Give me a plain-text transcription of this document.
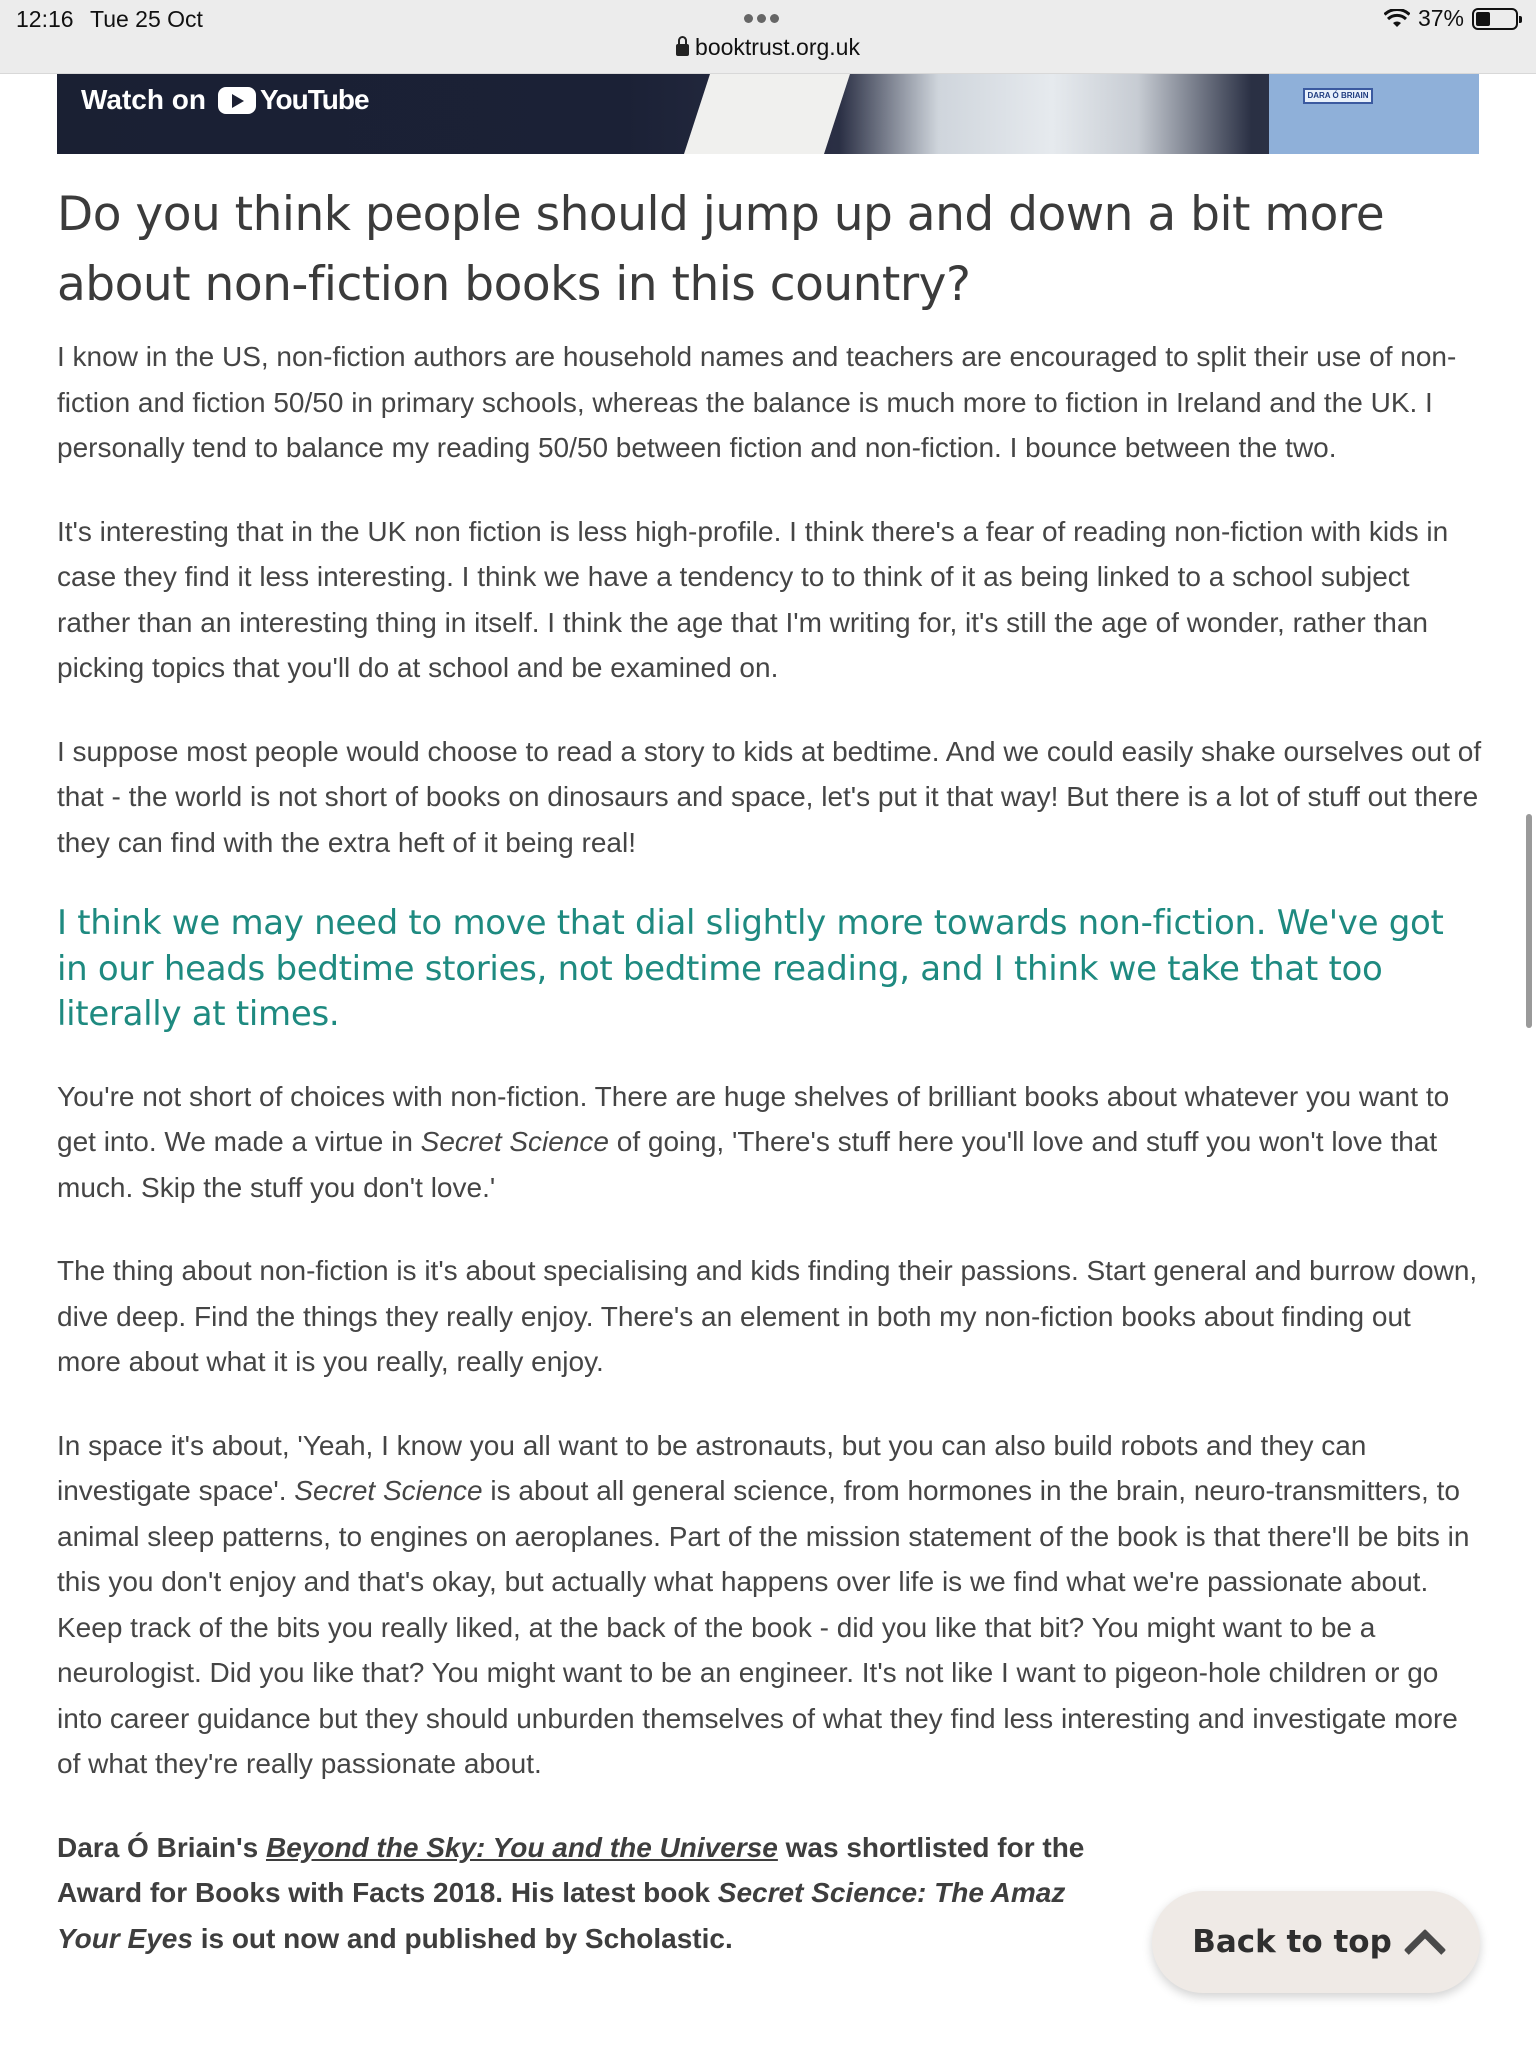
12:16 Tue 25 Oct	37%
booktrust.org.uk
DARA Ó BRIAIN
Watch on YouTube
Do you think people should jump up and down a bit more about non-fiction books in this country?

I know in the US, non-fiction authors are household names and teachers are encouraged to split their use of non-fiction and fiction 50/50 in primary schools, whereas the balance is much more to fiction in Ireland and the UK. I personally tend to balance my reading 50/50 between fiction and non-fiction. I bounce between the two.

It's interesting that in the UK non fiction is less high-profile. I think there's a fear of reading non-fiction with kids in case they find it less interesting. I think we have a tendency to to think of it as being linked to a school subject rather than an interesting thing in itself. I think the age that I'm writing for, it's still the age of wonder, rather than picking topics that you'll do at school and be examined on.

I suppose most people would choose to read a story to kids at bedtime. And we could easily shake ourselves out of that - the world is not short of books on dinosaurs and space, let's put it that way! But there is a lot of stuff out there they can find with the extra heft of it being real!

I think we may need to move that dial slightly more towards non-fiction. We've got in our heads bedtime stories, not bedtime reading, and I think we take that too literally at times.

You're not short of choices with non-fiction. There are huge shelves of brilliant books about whatever you want to get into. We made a virtue in Secret Science of going, 'There's stuff here you'll love and stuff you won't love that much. Skip the stuff you don't love.'

The thing about non-fiction is it's about specialising and kids finding their passions. Start general and burrow down, dive deep. Find the things they really enjoy. There's an element in both my non-fiction books about finding out more about what it is you really, really enjoy.

In space it's about, 'Yeah, I know you all want to be astronauts, but you can also build robots and they can investigate space'. Secret Science is about all general science, from hormones in the brain, neuro-transmitters, to animal sleep patterns, to engines on aeroplanes. Part of the mission statement of the book is that there'll be bits in this you don't enjoy and that's okay, but actually what happens over life is we find what we're passionate about. Keep track of the bits you really liked, at the back of the book - did you like that bit? You might want to be a neurologist. Did you like that? You might want to be an engineer. It's not like I want to pigeon-hole children or go into career guidance but they should unburden themselves of what they find less interesting and investigate more of what they're really passionate about.

Dara Ó Briain's Beyond the Sky: You and the Universe was shortlisted for the
Award for Books with Facts 2018. His latest book Secret Science: The Amaz
Your Eyes is out now and published by Scholastic.	Back to top
